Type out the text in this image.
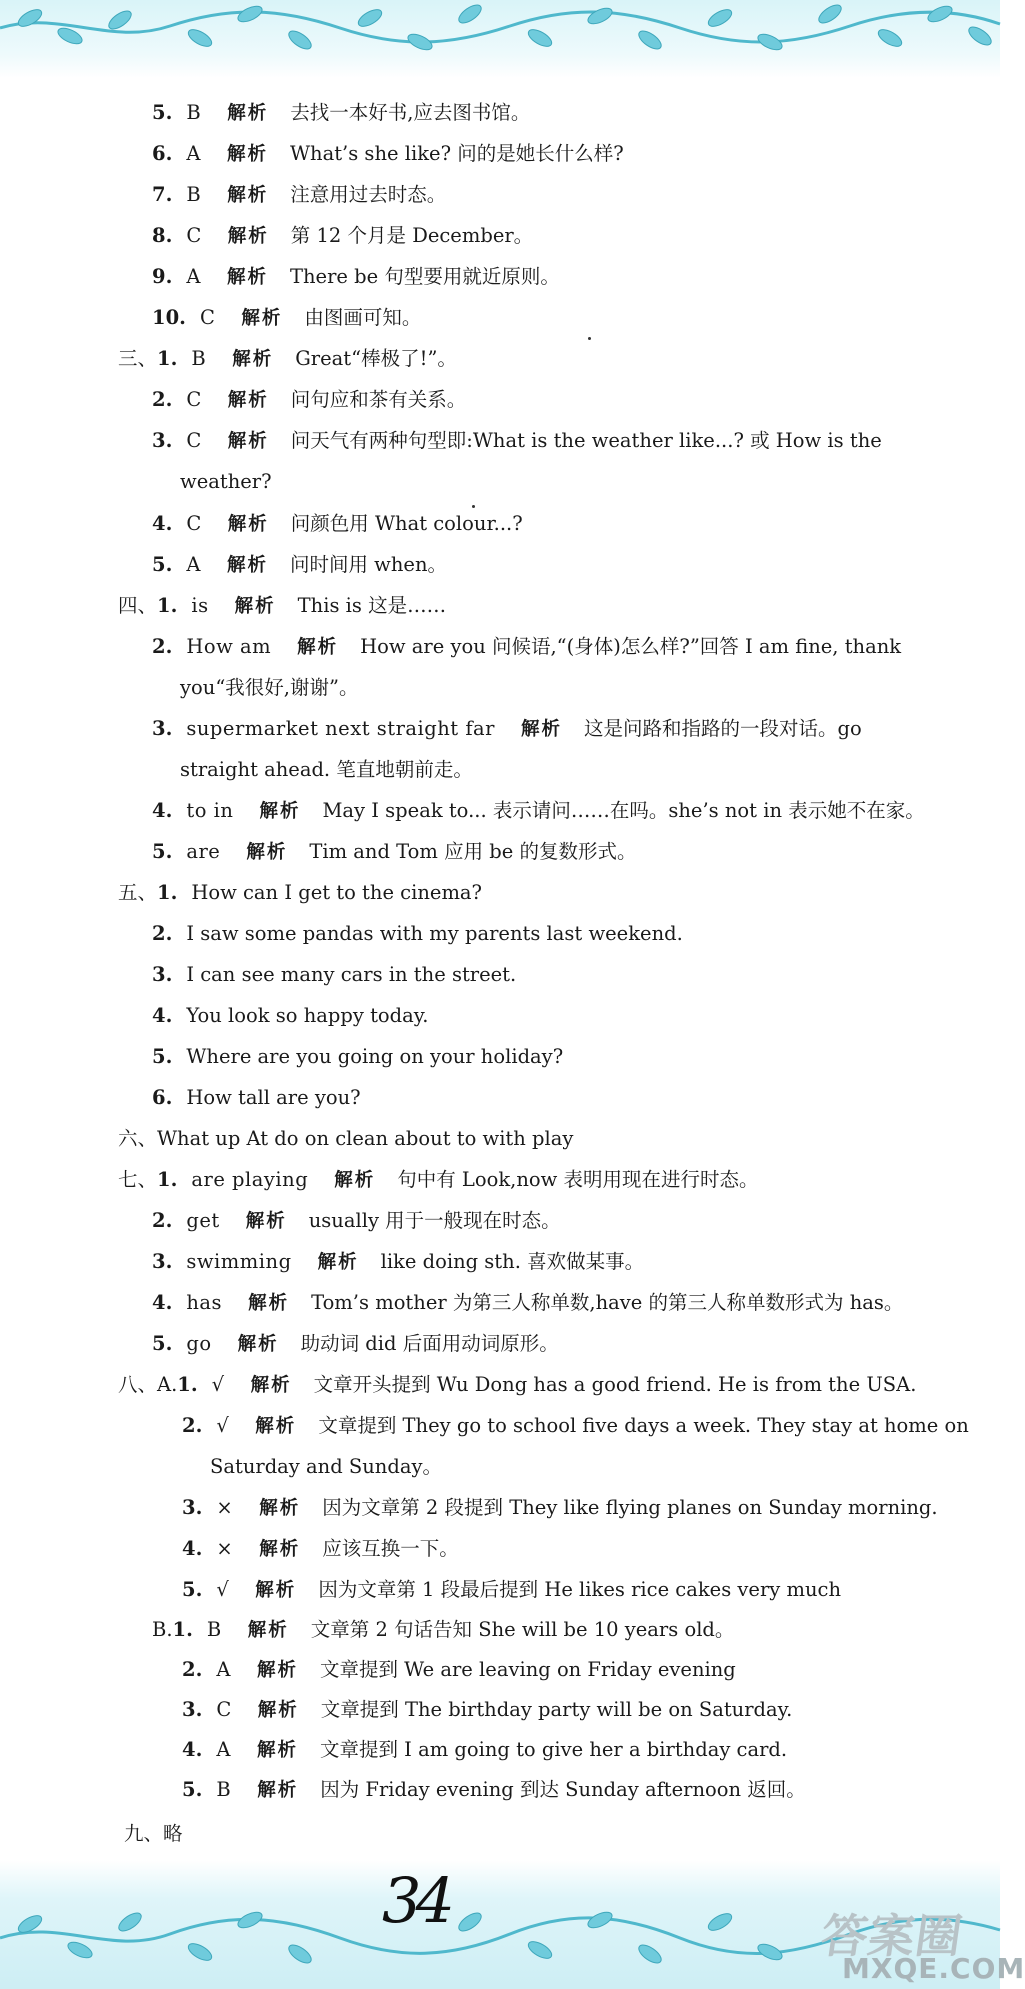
5. B 解析 去找一本好书,应去图书馆。
6. A 解析 What’s she like? 问的是她长什么样?
7. B 解析 注意用过去时态。
8. C 解析 第 12 个月是 December。
9. A 解析 There be 句型要用就近原则。
10. C 解析 由图画可知。
三、1. B 解析 Great“棒极了!”。
2. C 解析 问句应和茶有关系。
3. C 解析 问天气有两种句型即:What is the weather like...? 或 How is the
weather?
4. C 解析 问颜色用 What colour...?
5. A 解析 问时间用 when。
四、1. is 解析 This is 这是……
2. How am 解析 How are you 问候语,“(身体)怎么样?”回答 I am fine, thank
you“我很好,谢谢”。
3. supermarket next straight far 解析 这是问路和指路的一段对话。go
straight ahead. 笔直地朝前走。
4. to in 解析 May I speak to... 表示请问……在吗。she’s not in 表示她不在家。
5. are 解析 Tim and Tom 应用 be 的复数形式。
五、1. How can I get to the cinema?
2. I saw some pandas with my parents last weekend.
3. I can see many cars in the street.
4. You look so happy today.
5. Where are you going on your holiday?
6. How tall are you?
六、What up At do on clean about to with play
七、1. are playing 解析 句中有 Look,now 表明用现在进行时态。
2. get 解析 usually 用于一般现在时态。
3. swimming 解析 like doing sth. 喜欢做某事。
4. has 解析 Tom’s mother 为第三人称单数,have 的第三人称单数形式为 has。
5. go 解析 助动词 did 后面用动词原形。
八、A.1. √ 解析 文章开头提到 Wu Dong has a good friend. He is from the USA.
2. √ 解析 文章提到 They go to school five days a week. They stay at home on
Saturday and Sunday。
3. × 解析 因为文章第 2 段提到 They like flying planes on Sunday morning.
4. × 解析 应该互换一下。
5. √ 解析 因为文章第 1 段最后提到 He likes rice cakes very much
B.1. B 解析 文章第 2 句话告知 She will be 10 years old。
2. A 解析 文章提到 We are leaving on Friday evening
3. C 解析 文章提到 The birthday party will be on Saturday.
4. A 解析 文章提到 I am going to give her a birthday card.
5. B 解析 因为 Friday evening 到达 Sunday afternoon 返回。
九、略
34	答案圈
MXQE.COM
